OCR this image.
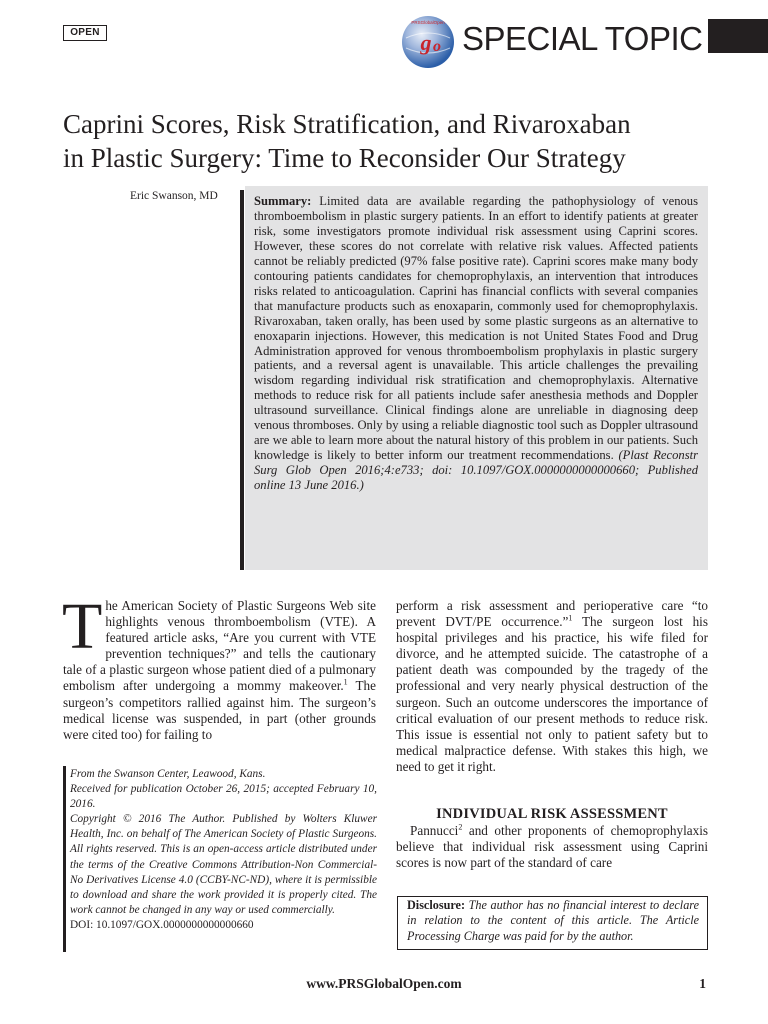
OPEN
PRSGlobalOpen
g o SPECIAL TOPIC
Caprini Scores, Risk Stratification, and Rivaroxaban
in Plastic Surgery: Time to Reconsider Our Strategy
Eric Swanson, MD	Summary: Limited data are available regarding the pathophysiology of venous thromboembolism in plastic surgery patients. In an effort to identify patients at greater risk, some investigators promote individual risk assessment using Caprini scores. However, these scores do not correlate with relative risk values. Affected patients cannot be reliably predicted (97% false positive rate). Caprini scores make many body contouring patients candidates for chemoprophylaxis, an intervention that introduces risks related to anticoagulation. Caprini has financial conflicts with several companies that manufacture products such as enoxaparin, commonly used for chemoprophylaxis. Rivaroxaban, taken orally, has been used by some plastic surgeons as an alternative to enoxaparin injections. However, this medication is not United States Food and Drug Administration approved for venous thromboembolism prophylaxis in plastic surgery patients, and a reversal agent is unavailable. This article challenges the prevailing wisdom regarding individual risk stratification and chemoprophylaxis. Alternative methods to reduce risk for all patients include safer anesthesia methods and Doppler ultrasound surveillance. Clinical findings alone are unreliable in diagnosing deep venous thromboses. Only by using a reliable diagnostic tool such as Doppler ultrasound are we able to learn more about the natural history of this problem in our patients. Such knowledge is likely to better inform our treatment recommendations. (Plast Reconstr Surg Glob Open 2016;4:e733; doi: 10.1097/GOX.0000000000000660; Published online 13 June 2016.)
The American Society of Plastic Surgeons Web site highlights venous thromboembolism (VTE). A featured article asks, “Are you current with VTE prevention techniques?” and tells the cautionary tale of a plastic surgeon whose patient died of a pulmonary embolism after undergoing a mommy makeover.$^1$ The surgeon’s competitors rallied against him. The surgeon’s medical license was suspended, in part (other grounds were cited too) for failing to

From the Swanson Center, Leawood, Kans.

Received for publication October 26, 2015; accepted February 10, 2016.

Copyright © 2016 The Author. Published by Wolters Kluwer Health, Inc. on behalf of The American Society of Plastic Surgeons. All rights reserved. This is an open-access article distributed under the terms of the Creative Commons Attribution-Non Commercial-No Derivatives License 4.0 (CCBY-NC-ND), where it is permissible to download and share the work provided it is properly cited. The work cannot be changed in any way or used commercially.

DOI: 10.1097/GOX.0000000000000660

perform a risk assessment and perioperative care “to prevent DVT/PE occurrence.”$^1$ The surgeon lost his hospital privileges and his practice, his wife filed for divorce, and he attempted suicide. The catastrophe of a patient death was compounded by the tragedy of the professional and very nearly physical destruction of the surgeon. Such an outcome underscores the importance of critical evaluation of our present methods to reduce risk. This issue is essential not only to patient safety but to medical malpractice defense. With stakes this high, we need to get it right.
INDIVIDUAL RISK ASSESSMENT
Pannucci$^2$ and other proponents of chemoprophylaxis believe that individual risk assessment using Caprini scores is now part of the standard of care
Disclosure: The author has no financial interest to declare in relation to the content of this article. The Article Processing Charge was paid for by the author.
www.PRSGlobalOpen.com	1
